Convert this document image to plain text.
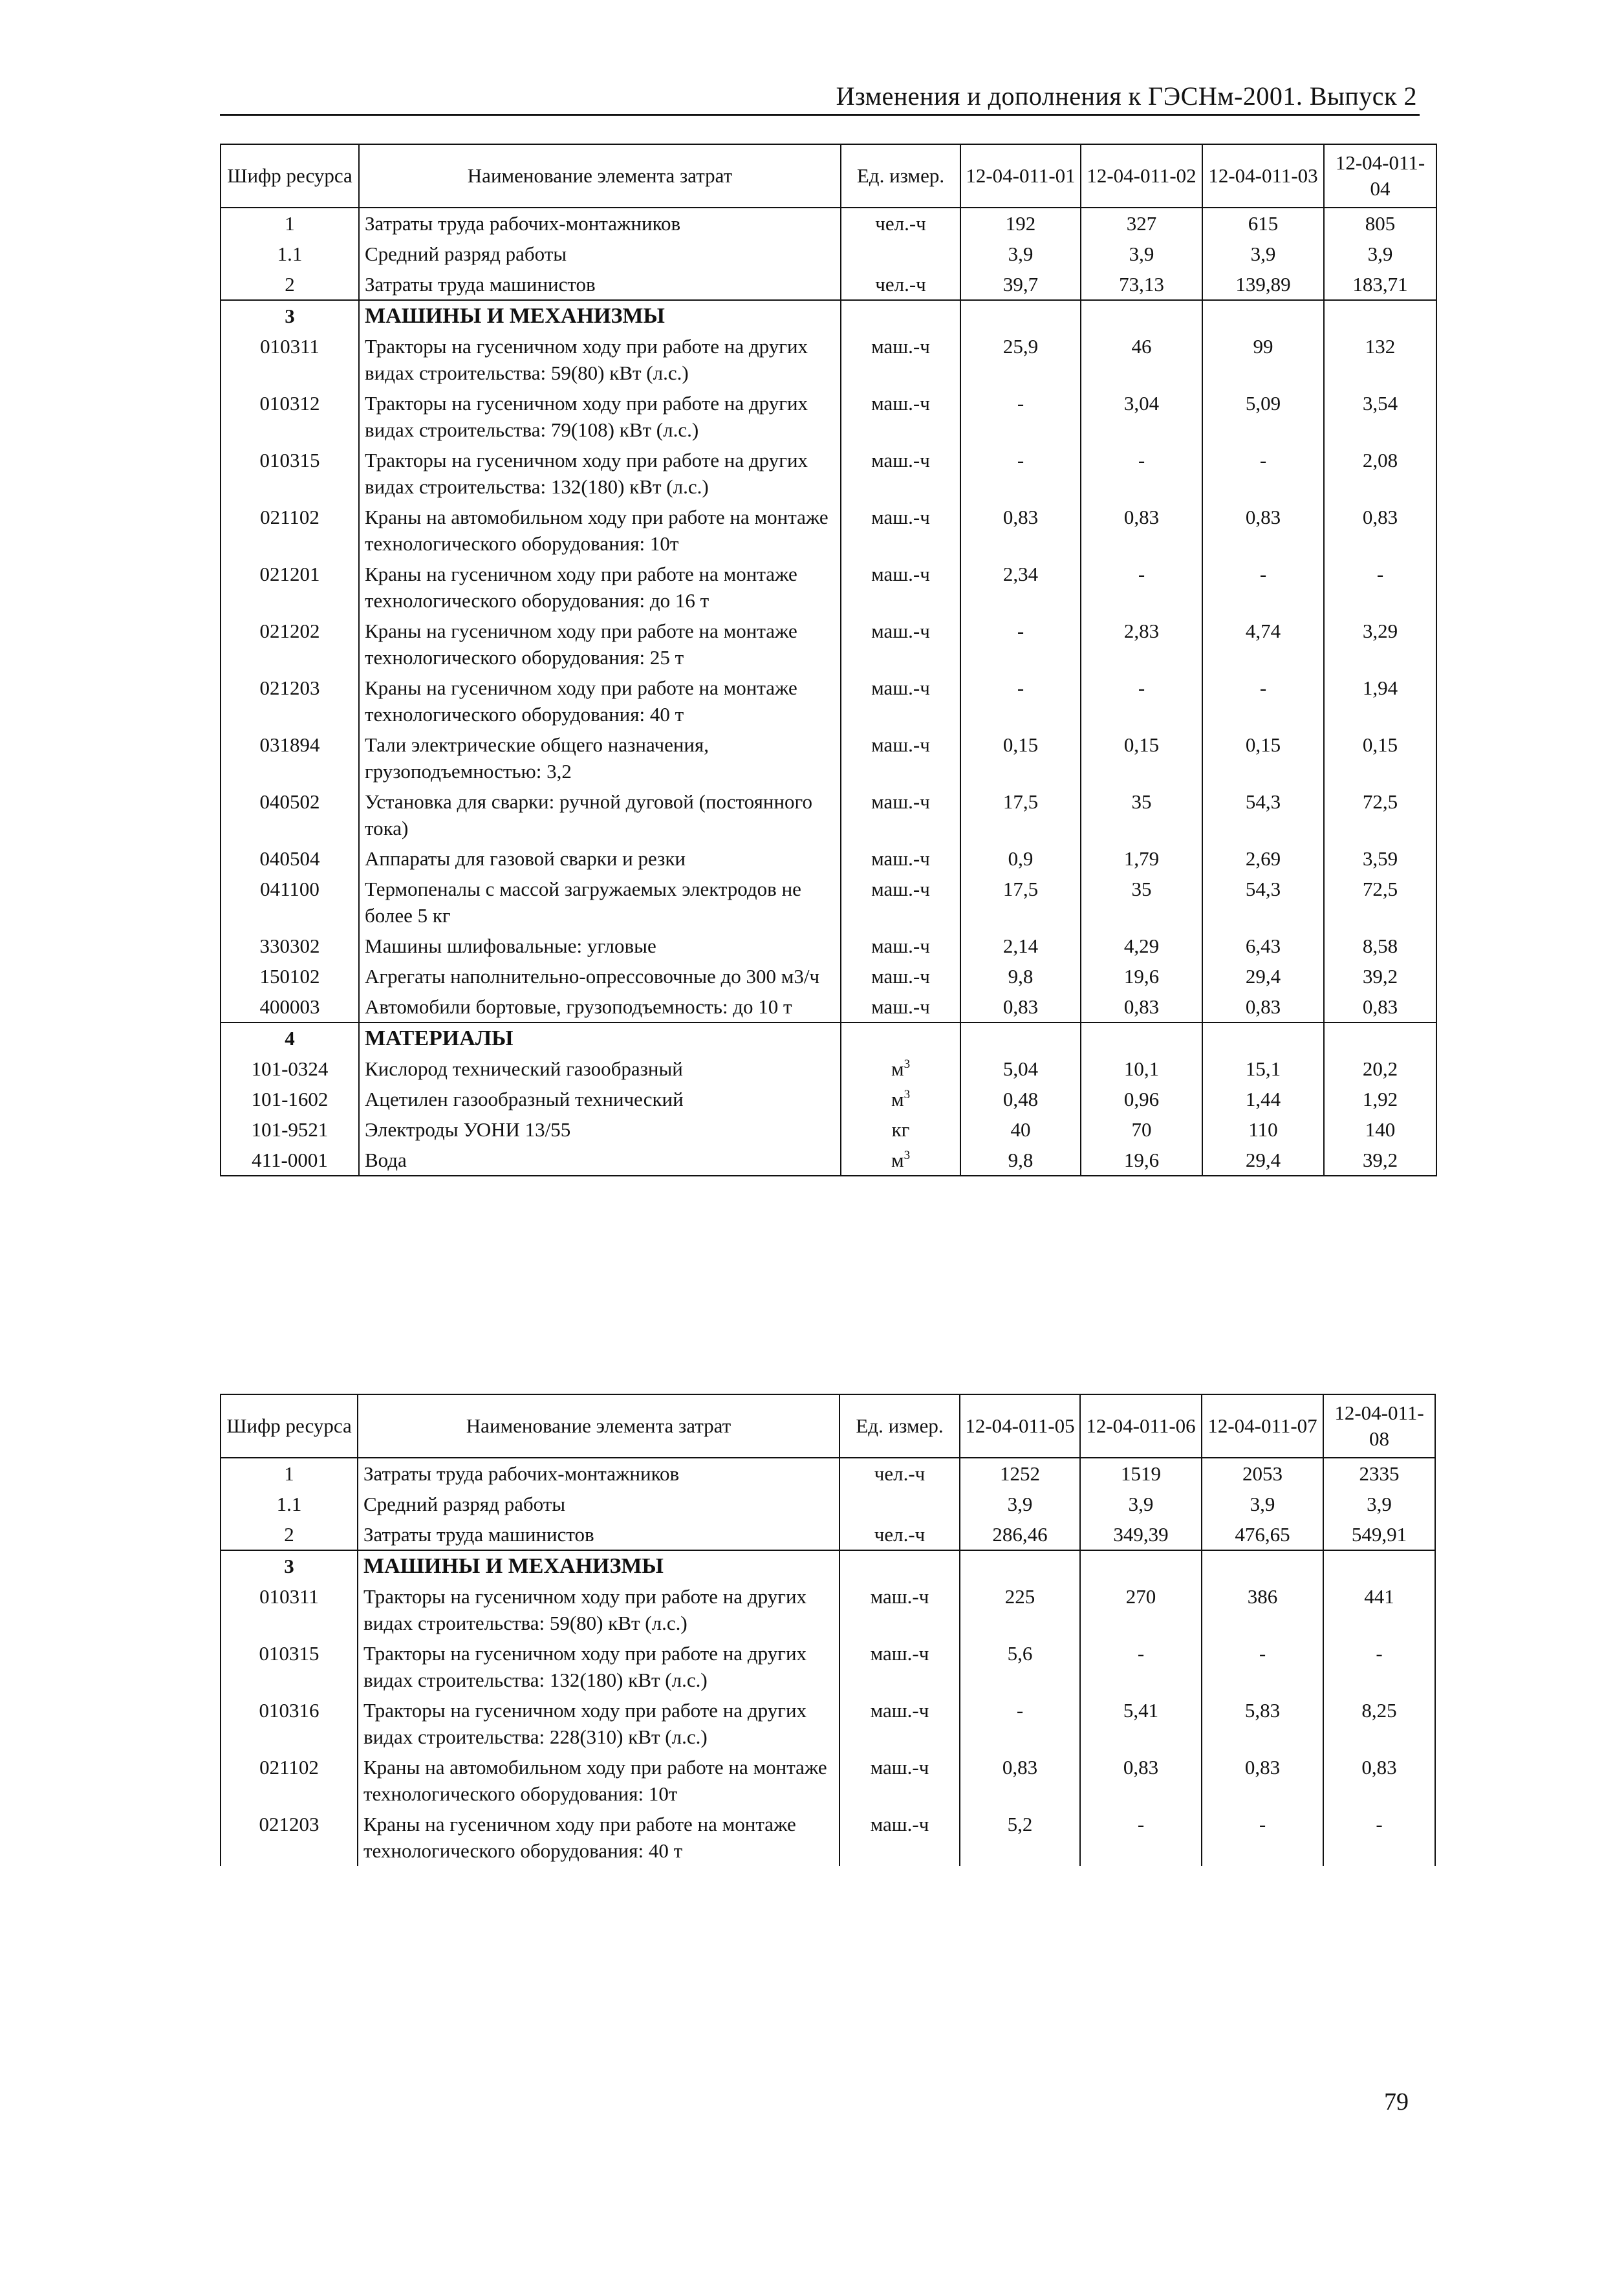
Изменения и дополнения к ГЭСНм-2001. Выпуск 2
Шифр ресурса	Наименование элемента затрат	Ед. измер.	12-04-011-01	12-04-011-02	12-04-011-03	12-04-011-04
1	Затраты труда рабочих-монтажников	чел.-ч	192	327	615	805
1.1	Средний разряд работы		3,9	3,9	3,9	3,9
2	Затраты труда машинистов	чел.-ч	39,7	73,13	139,89	183,71
3	МАШИНЫ И МЕХАНИЗМЫ					
010311	Тракторы на гусеничном ходу при работе на других видах строительства: 59(80) кВт (л.с.)	маш.-ч	25,9	46	99	132
010312	Тракторы на гусеничном ходу при работе на других видах строительства: 79(108) кВт (л.с.)	маш.-ч	-	3,04	5,09	3,54
010315	Тракторы на гусеничном ходу при работе на других видах строительства: 132(180) кВт (л.с.)	маш.-ч	-	-	-	2,08
021102	Краны на автомобильном ходу при работе на монтаже технологического оборудования: 10т	маш.-ч	0,83	0,83	0,83	0,83
021201	Краны на гусеничном ходу при работе на монтаже технологического оборудования: до 16 т	маш.-ч	2,34	-	-	-
021202	Краны на гусеничном ходу при работе на монтаже технологического оборудования: 25 т	маш.-ч	-	2,83	4,74	3,29
021203	Краны на гусеничном ходу при работе на монтаже технологического оборудования: 40 т	маш.-ч	-	-	-	1,94
031894	Тали электрические общего назначения, грузоподъемностью: 3,2	маш.-ч	0,15	0,15	0,15	0,15
040502	Установка для сварки: ручной дуговой (постоянного тока)	маш.-ч	17,5	35	54,3	72,5
040504	Аппараты для газовой сварки и резки	маш.-ч	0,9	1,79	2,69	3,59
041100	Термопеналы с массой загружаемых электродов не более 5 кг	маш.-ч	17,5	35	54,3	72,5
330302	Машины шлифовальные: угловые	маш.-ч	2,14	4,29	6,43	8,58
150102	Агрегаты наполнительно-опрессовочные до 300 м3/ч	маш.-ч	9,8	19,6	29,4	39,2
400003	Автомобили бортовые, грузоподъемность: до 10 т	маш.-ч	0,83	0,83	0,83	0,83
4	МАТЕРИАЛЫ					
101-0324	Кислород технический газообразный	$м^3$	5,04	10,1	15,1	20,2
101-1602	Ацетилен газообразный технический	$м^3$	0,48	0,96	1,44	1,92
101-9521	Электроды УОНИ 13/55	кг	40	70	110	140
411-0001	Вода	$м^3$	9,8	19,6	29,4	39,2
Шифр ресурса	Наименование элемента затрат	Ед. измер.	12-04-011-05	12-04-011-06	12-04-011-07	12-04-011-08
1	Затраты труда рабочих-монтажников	чел.-ч	1252	1519	2053	2335
1.1	Средний разряд работы		3,9	3,9	3,9	3,9
2	Затраты труда машинистов	чел.-ч	286,46	349,39	476,65	549,91
3	МАШИНЫ И МЕХАНИЗМЫ					
010311	Тракторы на гусеничном ходу при работе на других видах строительства: 59(80) кВт (л.с.)	маш.-ч	225	270	386	441
010315	Тракторы на гусеничном ходу при работе на других видах строительства: 132(180) кВт (л.с.)	маш.-ч	5,6	-	-	-
010316	Тракторы на гусеничном ходу при работе на других видах строительства: 228(310) кВт (л.с.)	маш.-ч	-	5,41	5,83	8,25
021102	Краны на автомобильном ходу при работе на монтаже технологического оборудования: 10т	маш.-ч	0,83	0,83	0,83	0,83
021203	Краны на гусеничном ходу при работе на монтаже технологического оборудования: 40 т	маш.-ч	5,2	-	-	-
79
